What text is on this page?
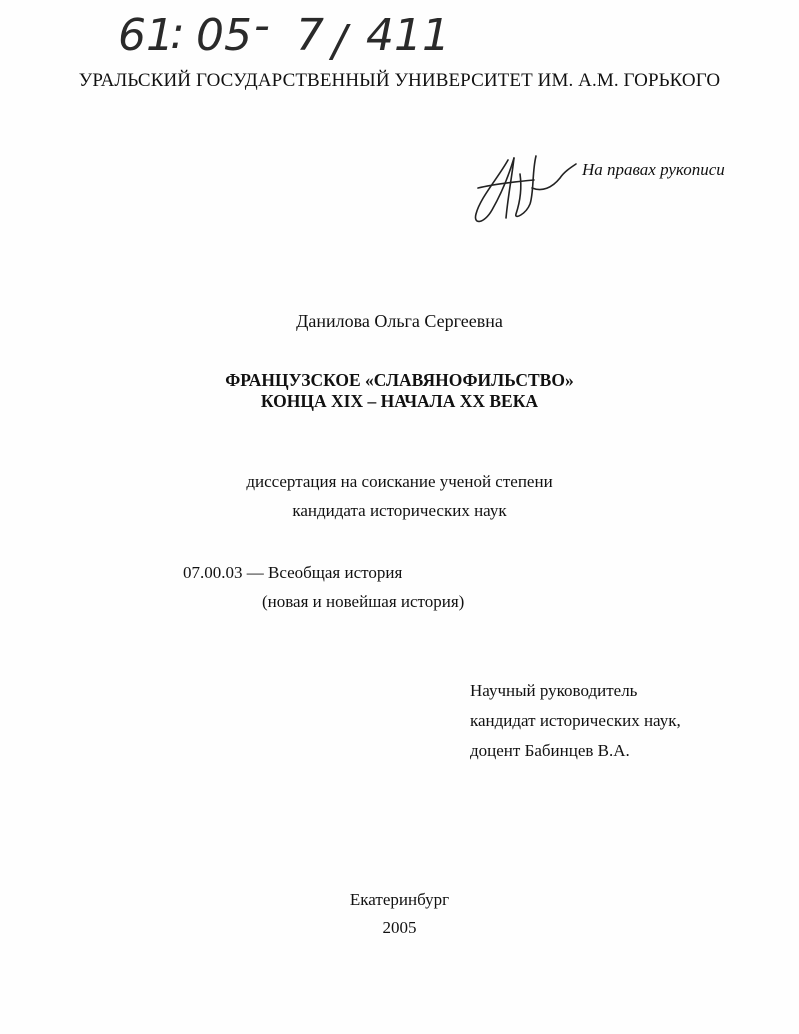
61
: 05 - 7 / 411
УРАЛЬСКИЙ ГОСУДАРСТВЕННЫЙ УНИВЕРСИТЕТ ИМ. А.М. ГОРЬКОГО
На правах рукописи
Данилова Ольга Сергеевна
ФРАНЦУЗСКОЕ «СЛАВЯНОФИЛЬСТВО»
КОНЦА XIX – НАЧАЛА XX ВЕКА
диссертация на соискание ученой степени
кандидата исторических наук
07.00.03 — Всеобщая история
(новая и новейшая история)
Научный руководитель
кандидат исторических наук,
доцент Бабинцев В.А.
Екатеринбург
2005
